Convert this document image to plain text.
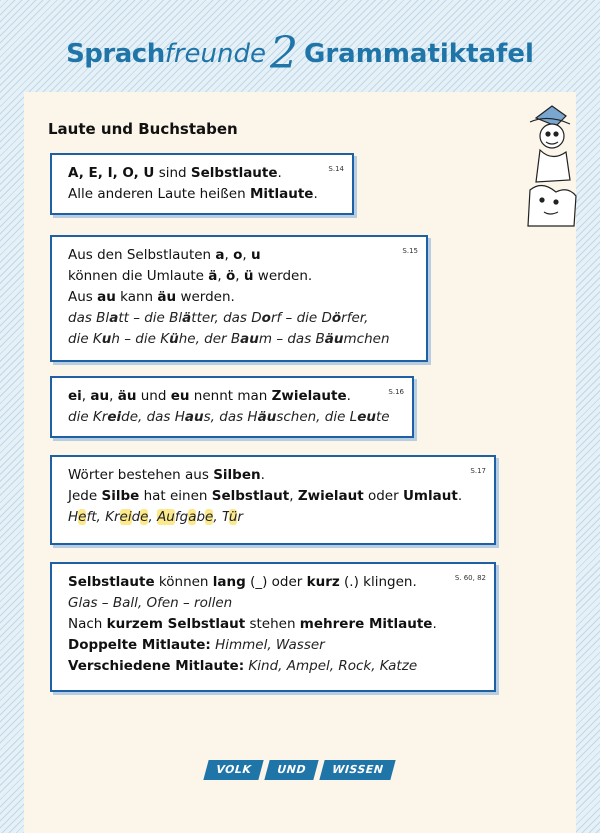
Sprachfreunde2 Grammatiktafel
Laute und Buchstaben
S.14
A, E, I, O, U sind Selbstlaute.
Alle anderen Laute heißen Mitlaute.
S.15
Aus den Selbstlauten a, o, u
können die Umlaute ä, ö, ü werden.
Aus au kann äu werden.
das Blatt – die Blätter, das Dorf – die Dörfer,
die Kuh – die Kühe, der Baum – das Bäumchen
S.16
ei, au, äu und eu nennt man Zwielaute.
die Kreide, das Haus, das Häuschen, die Leute
S.17
Wörter bestehen aus Silben.
Jede Silbe hat einen Selbstlaut, Zwielaut oder Umlaut.
Heft, Kreide, Aufgabe, Tür
S. 60, 82
Selbstlaute können lang (_) oder kurz (.) klingen.
Glas – Ball, Ofen – rollen
Nach kurzem Selbstlaut stehen mehrere Mitlaute.
Doppelte Mitlaute: Himmel, Wasser
Verschiedene Mitlaute: Kind, Ampel, Rock, Katze
VOLK	UND	WISSEN
